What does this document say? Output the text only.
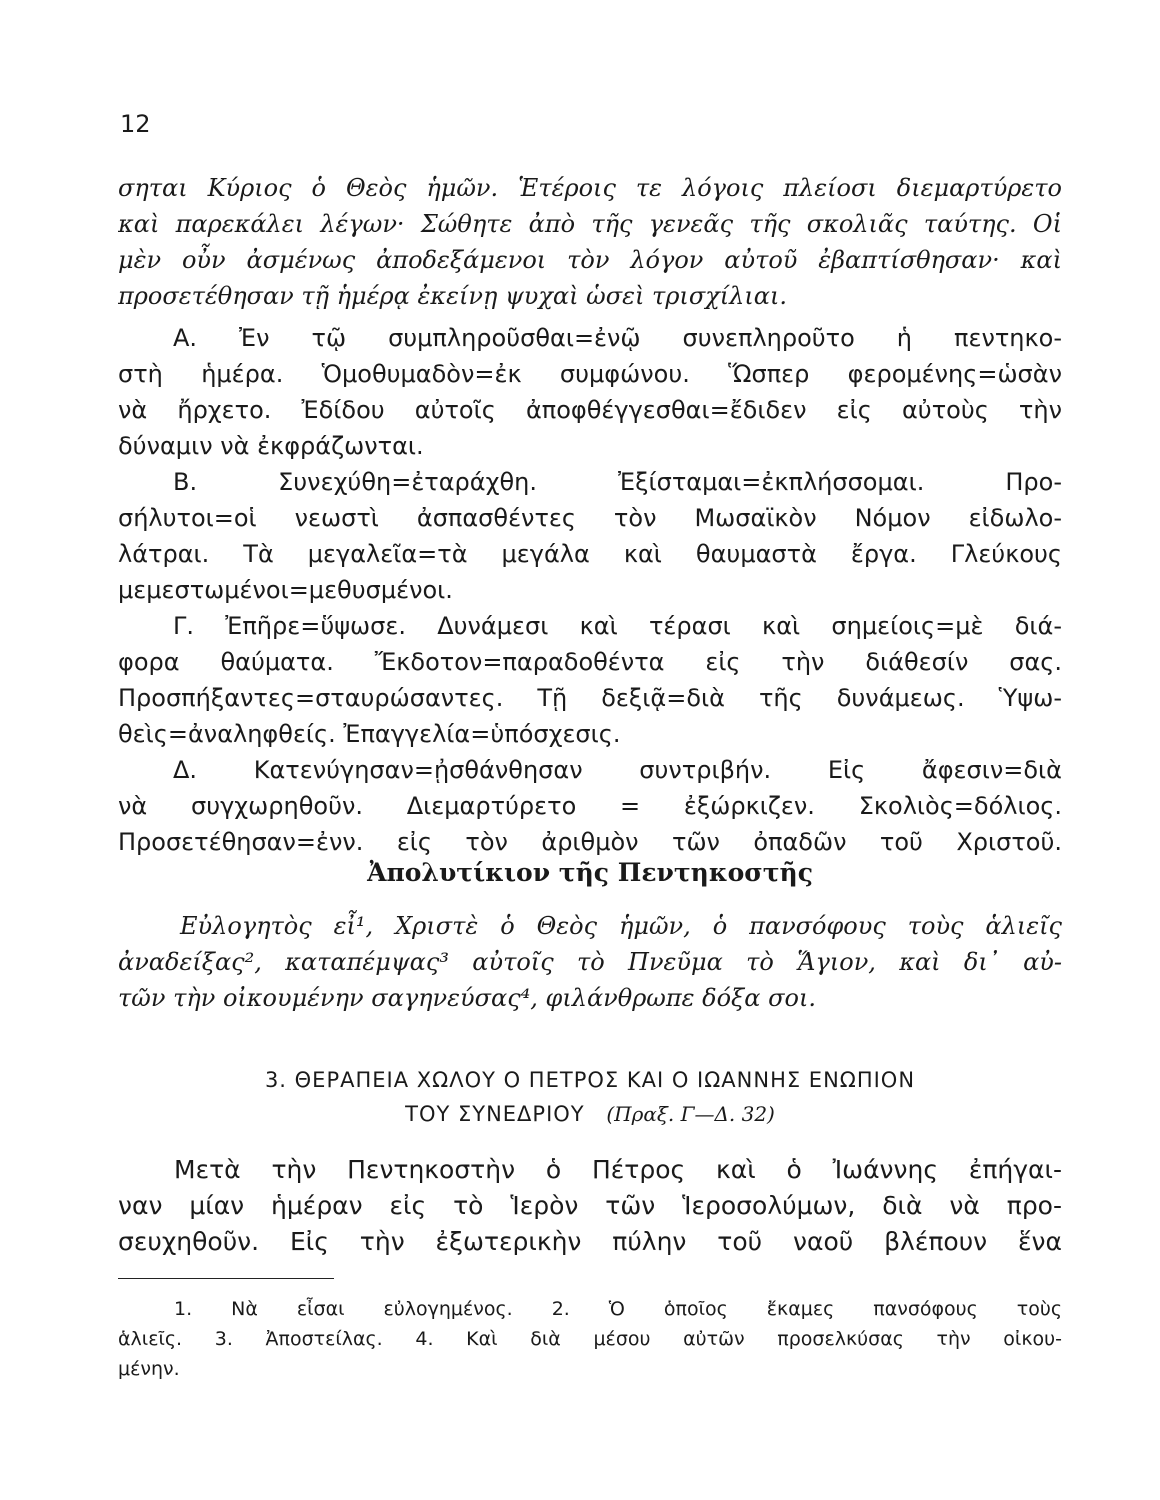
12
σηται Κύριος ὁ Θεὸς ἡμῶν. Ἑτέροις τε λόγοις πλείοσι διεμαρτύρετο
καὶ παρεκάλει λέγων· Σώθητε ἀπὸ τῆς γενεᾶς τῆς σκολιᾶς ταύτης. Οἱ
μὲν οὖν ἀσμένως ἀποδεξάμενοι τὸν λόγον αὐτοῦ ἐβαπτίσθησαν· καὶ
προσετέθησαν τῇ ἡμέρᾳ ἐκείνῃ ψυχαὶ ὡσεὶ τρισχίλιαι.
Α. Ἐν τῷ συμπληροῦσθαι=ἐνῷ συνεπληροῦτο ἡ πεντηκο-
στὴ ἡμέρα. Ὁμοθυμαδὸν=ἐκ συμφώνου. Ὥσπερ φερομένης=ὡσὰν
νὰ ἤρχετο. Ἐδίδου αὐτοῖς ἀποφθέγγεσθαι=ἔδιδεν εἰς αὐτοὺς τὴν
δύναμιν νὰ ἐκφράζωνται.
Β. Συνεχύθη=ἐταράχθη. Ἐξίσταμαι=ἐκπλήσσομαι. Προ-
σήλυτοι=οἱ νεωστὶ ἀσπασθέντες τὸν Μωσαϊκὸν Νόμον εἰδωλο-
λάτραι. Τὰ μεγαλεῖα=τὰ μεγάλα καὶ θαυμαστὰ ἔργα. Γλεύκους
μεμεστωμένοι=μεθυσμένοι.
Γ. Ἐπῆρε=ὕψωσε. Δυνάμεσι καὶ τέρασι καὶ σημείοις=μὲ διά-
φορα θαύματα. Ἔκδοτον=παραδοθέντα εἰς τὴν διάθεσίν σας.
Προσπήξαντες=σταυρώσαντες. Τῇ δεξιᾷ=διὰ τῆς δυνάμεως. Ὑψω-
θεὶς=ἀναληφθείς. Ἐπαγγελία=ὑπόσχεσις.
Δ. Κατενύγησαν=ᾐσθάνθησαν συντριβήν. Εἰς ἄφεσιν=διὰ
νὰ συγχωρηθοῦν. Διεμαρτύρετο = ἐξώρκιζεν. Σκολιὸς=δόλιος.
Προσετέθησαν=ἐνν. εἰς τὸν ἀριθμὸν τῶν ὀπαδῶν τοῦ Χριστοῦ.
Ἀπολυτίκιον τῆς Πεντηκοστῆς
Εὐλογητὸς εἶ¹, Χριστὲ ὁ Θεὸς ἡμῶν, ὁ πανσόφους τοὺς ἁλιεῖς
ἀναδείξας², καταπέμψας³ αὐτοῖς τὸ Πνεῦμα τὸ Ἅγιον, καὶ δι᾿ αὐ-
τῶν τὴν οἰκουμένην σαγηνεύσας⁴, φιλάνθρωπε δόξα σοι.
3. ΘΕΡΑΠΕΙΑ ΧΩΛΟΥ Ο ΠΕΤΡΟΣ ΚΑΙ Ο ΙΩΑΝΝΗΣ ΕΝΩΠΙΟΝ
ΤΟΥ ΣΥΝΕΔΡΙΟΥ (Πραξ. Γ—Δ. 32)
Μετὰ τὴν Πεντηκοστὴν ὁ Πέτρος καὶ ὁ Ἰωάννης ἐπήγαι-
ναν μίαν ἡμέραν εἰς τὸ Ἱερὸν τῶν Ἱεροσολύμων, διὰ νὰ προ-
σευχηθοῦν. Εἰς τὴν ἐξωτερικὴν πύλην τοῦ ναοῦ βλέπουν ἕνα
1. Νὰ εἶσαι εὐλογημένος. 2. Ὁ ὁποῖος ἔκαμες πανσόφους τοὺς
ἁλιεῖς. 3. Ἀποστείλας. 4. Καὶ διὰ μέσου αὐτῶν προσελκύσας τὴν οἰκου-
μένην.
